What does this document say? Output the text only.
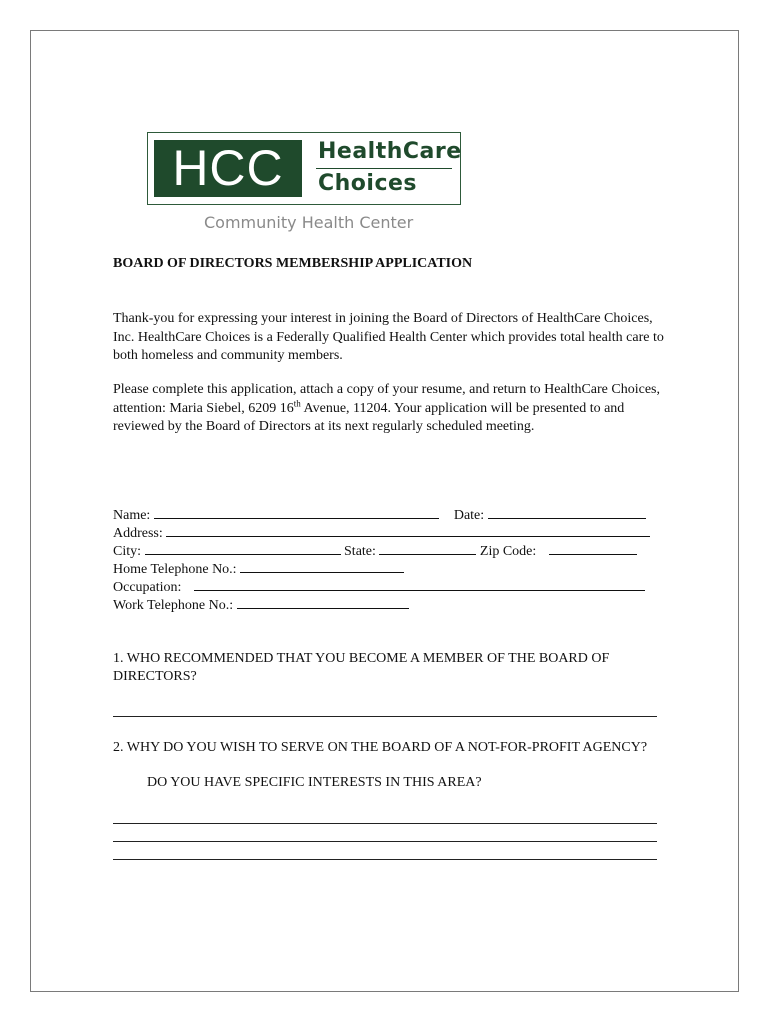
HCC	HealthCare
Choices
Community Health Center
BOARD OF DIRECTORS MEMBERSHIP APPLICATION
Thank-you for expressing your interest in joining the Board of Directors of HealthCare Choices, Inc. HealthCare Choices is a Federally Qualified Health Center which provides total health care to both homeless and community members.
Please complete this application, attach a copy of your resume, and return to HealthCare Choices, attention: Maria Siebel, 6209 16th Avenue, 11204. Your application will be presented to and reviewed by the Board of Directors at its next regularly scheduled meeting.
Name:	Date:
Address:
City:	State:	Zip Code:
Home Telephone No.:
Occupation:
Work Telephone No.:
1. WHO RECOMMENDED THAT YOU BECOME A MEMBER OF THE BOARD OF DIRECTORS?
2. WHY DO YOU WISH TO SERVE ON THE BOARD OF A NOT-FOR-PROFIT AGENCY?
DO YOU HAVE SPECIFIC INTERESTS IN THIS AREA?
